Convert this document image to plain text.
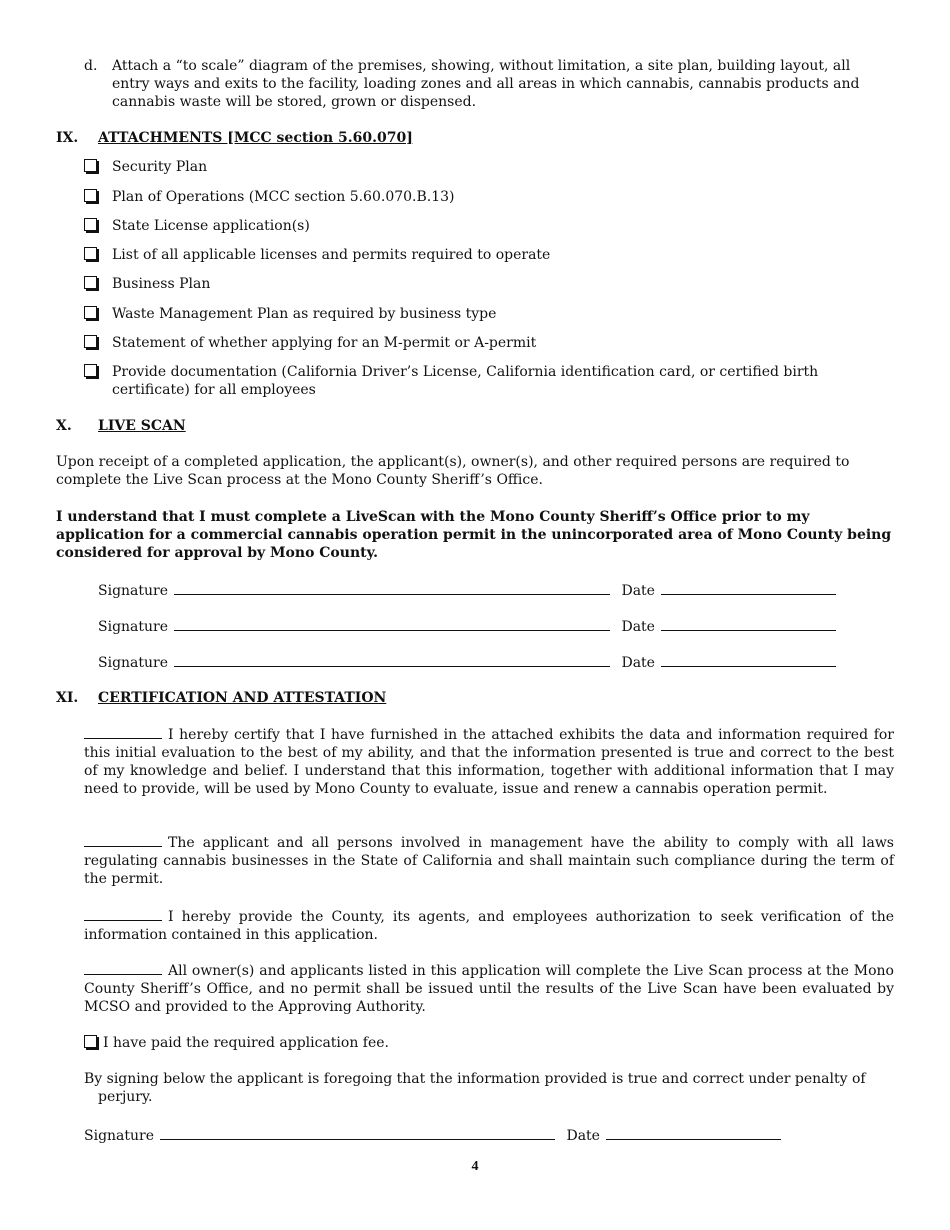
d. Attach a “to scale” diagram of the premises, showing, without limitation, a site plan, building layout, all entry ways and exits to the facility, loading zones and all areas in which cannabis, cannabis products and cannabis waste will be stored, grown or dispensed.

IX. ATTACHMENTS [MCC section 5.60.070]
Security Plan
Plan of Operations (MCC section 5.60.070.B.13)
State License application(s)
List of all applicable licenses and permits required to operate
Business Plan
Waste Management Plan as required by business type
Statement of whether applying for an M-permit or A-permit
Provide documentation (California Driver’s License, California identification card, or certified birth certificate) for all employees
X. LIVE SCAN

Upon receipt of a completed application, the applicant(s), owner(s), and other required persons are required to complete the Live Scan process at the Mono County Sheriff’s Office.

I understand that I must complete a LiveScan with the Mono County Sheriff’s Office prior to my application for a commercial cannabis operation permit in the unincorporated area of Mono County being considered for approval by Mono County.

Signature	Date
Signature	Date
Signature	Date
XI. CERTIFICATION AND ATTESTATION

I hereby certify that I have furnished in the attached exhibits the data and information required for this initial evaluation to the best of my ability, and that the information presented is true and correct to the best of my knowledge and belief. I understand that this information, together with additional information that I may need to provide, will be used by Mono County to evaluate, issue and renew a cannabis operation permit.

The applicant and all persons involved in management have the ability to comply with all laws regulating cannabis businesses in the State of California and shall maintain such compliance during the term of the permit.

I hereby provide the County, its agents, and employees authorization to seek verification of the information contained in this application.

All owner(s) and applicants listed in this application will complete the Live Scan process at the Mono County Sheriff’s Office, and no permit shall be issued until the results of the Live Scan have been evaluated by MCSO and provided to the Approving Authority.

I have paid the required application fee.

By signing below the applicant is foregoing that the information provided is true and correct under penalty of perjury.

Signature	Date
4
